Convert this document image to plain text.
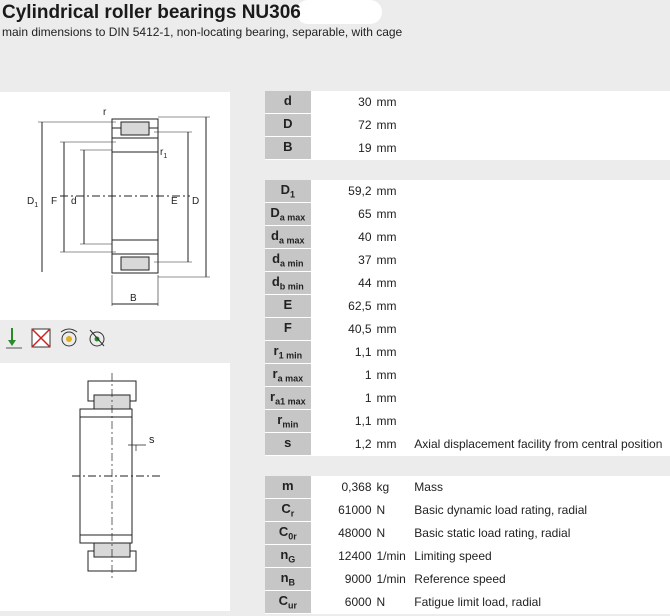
Cylindrical roller bearings NU306
main dimensions to DIN 5412-1, non-locating bearing, separable, with cage
r
$r_1$
$D_1$ F d	E D
B
s
d	30	mm	
D	72	mm	
B	19	mm	

$D_1$	59,2	mm	
$D_{a max}$	65	mm	
$d_{a max}$	40	mm	
$d_{a min}$	37	mm	
$d_{b min}$	44	mm	
E	62,5	mm	
F	40,5	mm	
$r_{1 min}$	1,1	mm	
$r_{a max}$	1	mm	
$r_{a1 max}$	1	mm	
$r_{min}$	1,1	mm	
s	1,2	mm	Axial displacement facility from central position

m	0,368	kg	Mass
$C_r$	61000	N	Basic dynamic load rating, radial
$C_{0r}$	48000	N	Basic static load rating, radial
$n_G$	12400	1/min	Limiting speed
$n_B$	9000	1/min	Reference speed
$C_{ur}$	6000	N	Fatigue limit load, radial
